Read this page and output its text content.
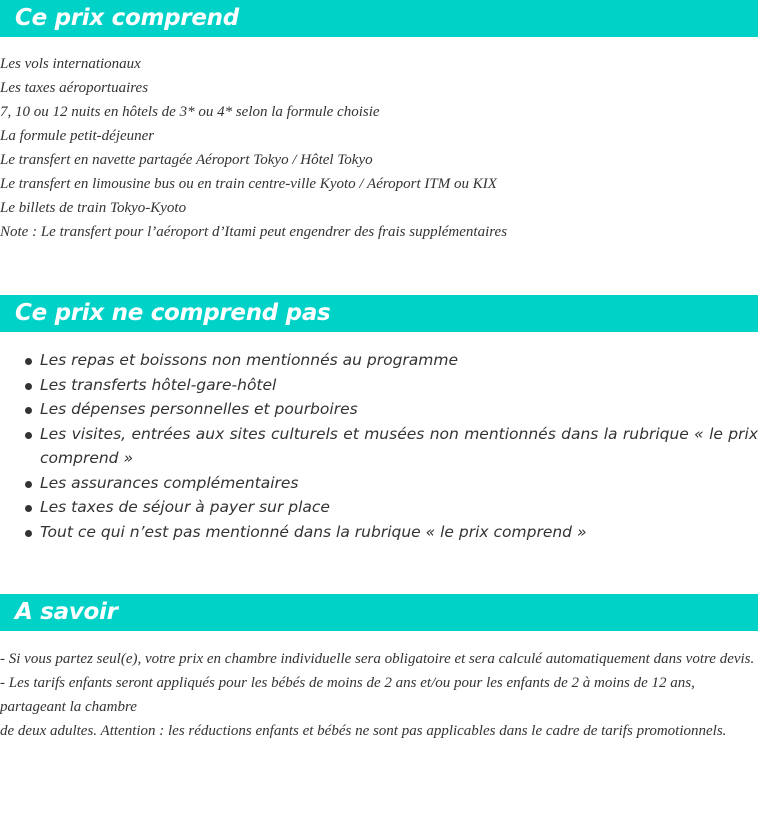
Ce prix comprend
Les vols internationaux
Les taxes aéroportuaires
7, 10 ou 12 nuits en hôtels de 3* ou 4* selon la formule choisie
La formule petit-déjeuner
Le transfert en navette partagée Aéroport Tokyo / Hôtel Tokyo
Le transfert en limousine bus ou en train centre-ville Kyoto / Aéroport ITM ou KIX
Le billets de train Tokyo-Kyoto
Note : Le transfert pour l’aéroport d’Itami peut engendrer des frais supplémentaires
Ce prix ne comprend pas
Les repas et boissons non mentionnés au programme
Les transferts hôtel-gare-hôtel
Les dépenses personnelles et pourboires
Les visites, entrées aux sites culturels et musées non mentionnés dans la rubrique « le prix comprend »
Les assurances complémentaires
Les taxes de séjour à payer sur place
Tout ce qui n’est pas mentionné dans la rubrique « le prix comprend »
A savoir
- Si vous partez seul(e), votre prix en chambre individuelle sera obligatoire et sera calculé automatiquement dans votre devis.
- Les tarifs enfants seront appliqués pour les bébés de moins de 2 ans et/ou pour les enfants de 2 à moins de 12 ans, partageant la chambre
de deux adultes. Attention : les réductions enfants et bébés ne sont pas applicables dans le cadre de tarifs promotionnels.
